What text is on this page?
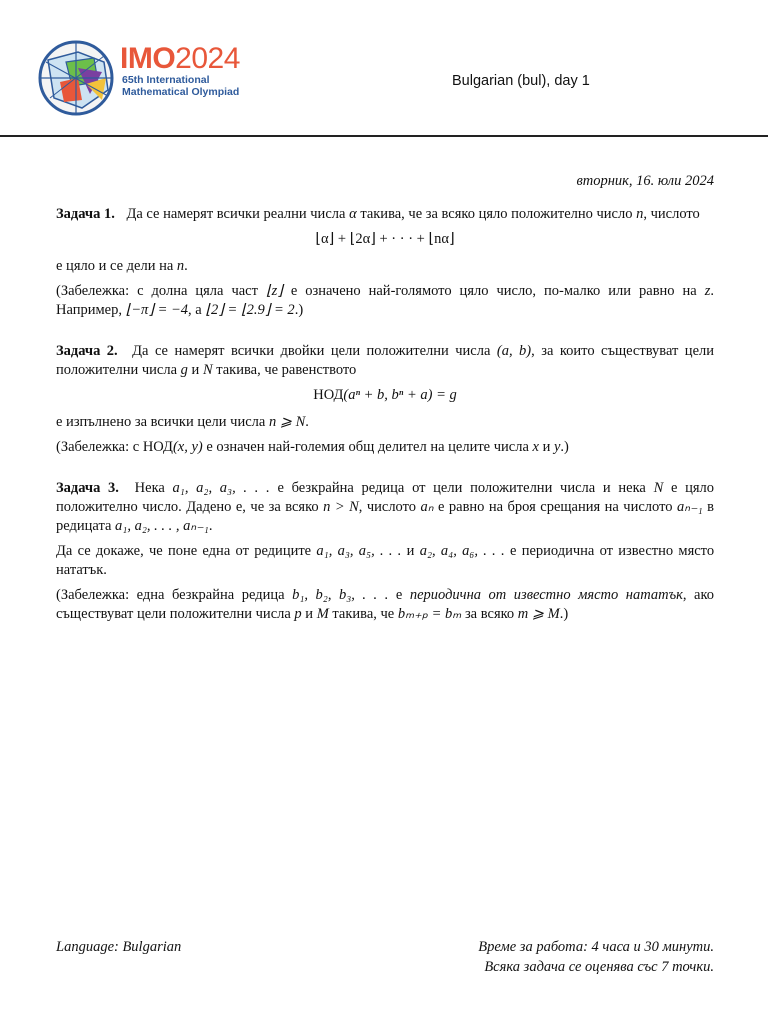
IMO2024
65th International
Mathematical Olympiad
Bulgarian (bul), day 1
вторник, 16. юли 2024

Задача 1. Да се намерят всички реални числа α такива, че за всяко цяло положително число n, числото

⌊α⌋ + ⌊2α⌋ + · · · + ⌊nα⌋

е цяло и се дели на n.

(Забележка: с долна цяла част ⌊z⌋ е означено най-голямото цяло число, по-малко или равно на z. Например, ⌊−π⌋ = −4, а ⌊2⌋ = ⌊2.9⌋ = 2.)

Задача 2. Да се намерят всички двойки цели положителни числа (a, b), за които съществуват цели положителни числа g и N такива, че равенството

НОД(aⁿ + b, bⁿ + a) = g

е изпълнено за всички цели числа n ⩾ N.

(Забележка: с НОД(x, y) е означен най-големия общ делител на целите числа x и y.)

Задача 3. Нека a₁, a₂, a₃, . . . е безкрайна редица от цели положителни числа и нека N е цяло положително число. Дадено е, че за всяко n > N, числото aₙ е равно на броя срещания на числото aₙ₋₁ в редицата a₁, a₂, . . . , aₙ₋₁.

Да се докаже, че поне една от редиците a₁, a₃, a₅, . . . и a₂, a₄, a₆, . . . е периодична от известно място нататък.

(Забележка: една безкрайна редица b₁, b₂, b₃, . . . е периодична от известно място нататък, ако съществуват цели положителни числа p и M такива, че bₘ₊ₚ = bₘ за всяко m ⩾ M.)

Language: Bulgarian	Време за работа: 4 часа и 30 минути.
Всяка задача се оценява със 7 точки.
